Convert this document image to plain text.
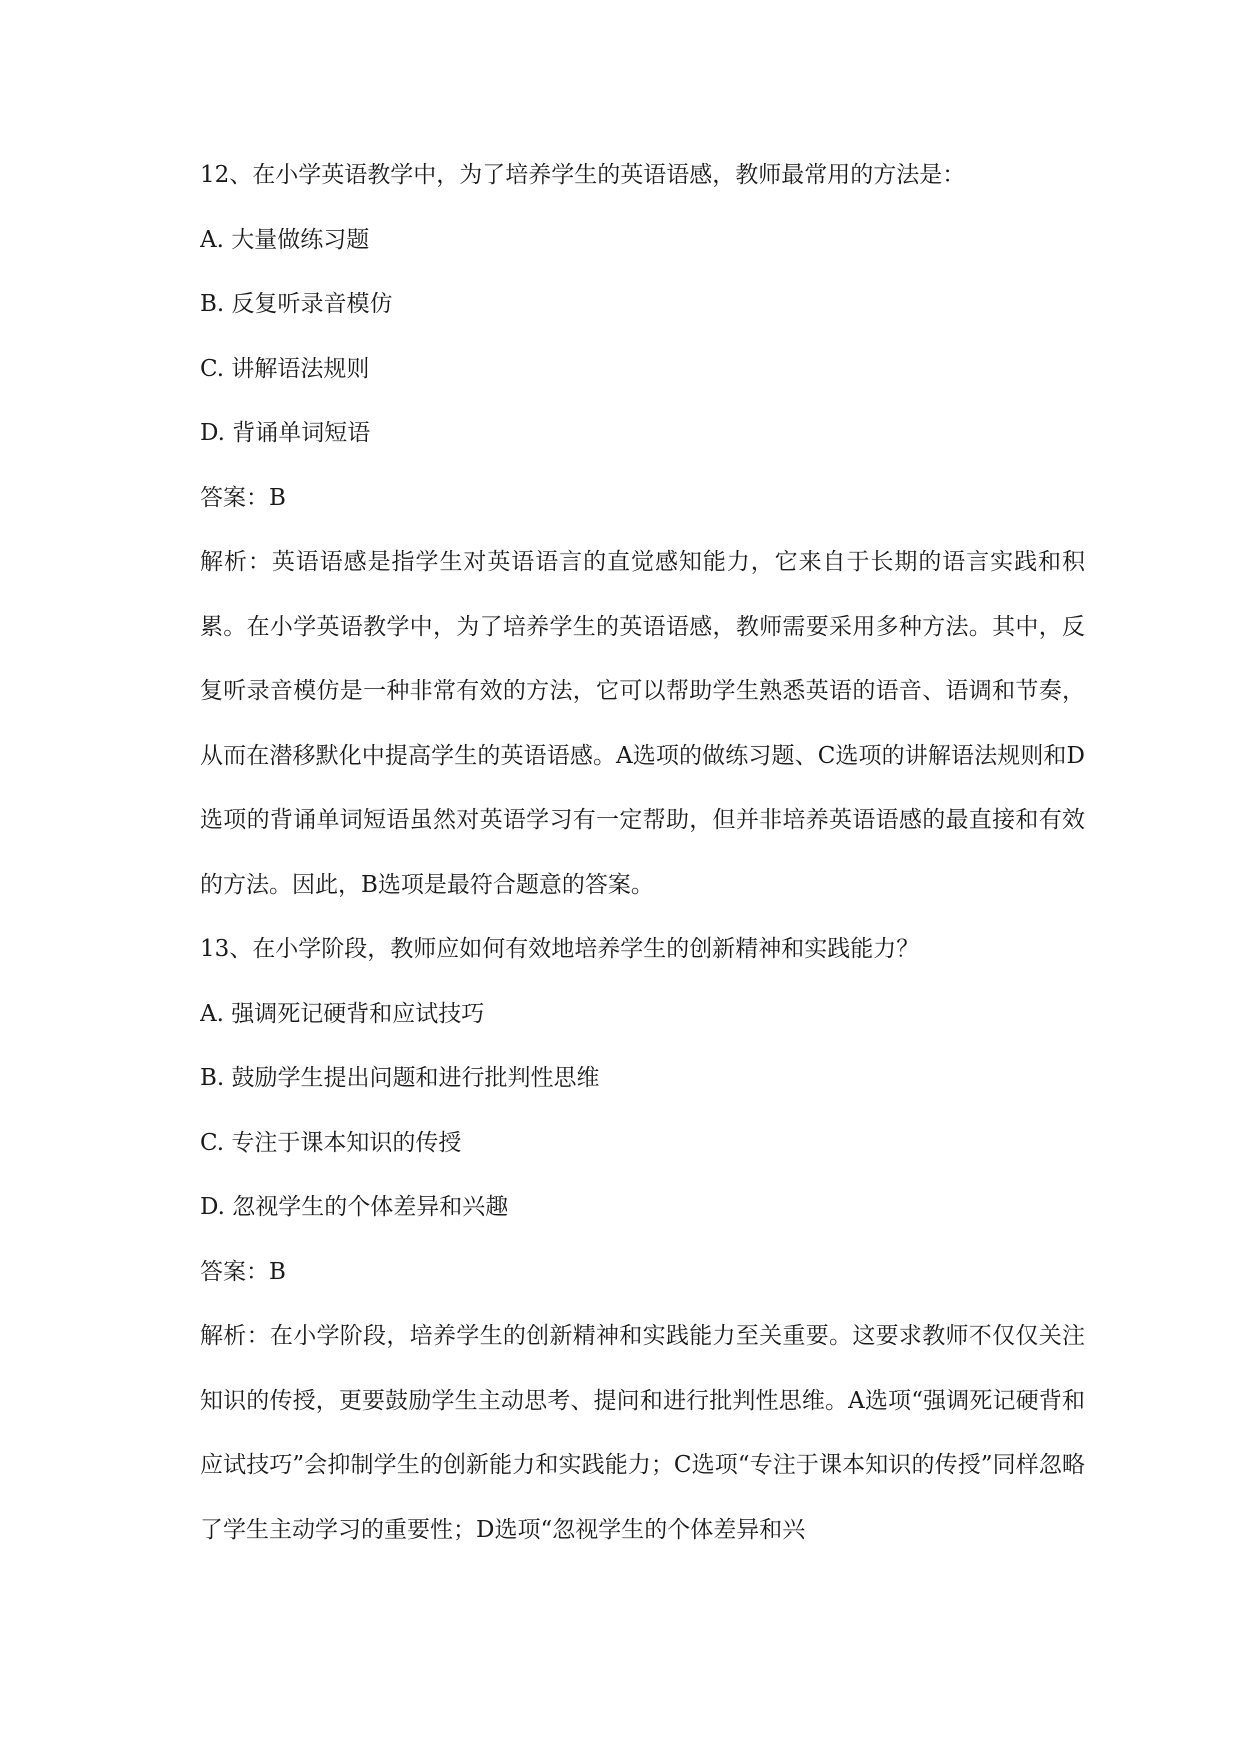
12、在小学英语教学中，为了培养学生的英语语感，教师最常用的方法是：
A. 大量做练习题
B. 反复听录音模仿
C. 讲解语法规则
D. 背诵单词短语
答案：B

解析：英语语感是指学生对英语语言的直觉感知能力，它来自于长期的语言实践和积累。在小学英语教学中，为了培养学生的英语语感，教师需要采用多种方法。其中，反复听录音模仿是一种非常有效的方法，它可以帮助学生熟悉英语的语音、语调和节奏，从而在潜移默化中提高学生的英语语感。A选项的做练习题、C选项的讲解语法规则和D选项的背诵单词短语虽然对英语学习有一定帮助，但并非培养英语语感的最直接和有效的方法。因此，B选项是最符合题意的答案。

13、在小学阶段，教师应如何有效地培养学生的创新精神和实践能力？
A. 强调死记硬背和应试技巧
B. 鼓励学生提出问题和进行批判性思维
C. 专注于课本知识的传授
D. 忽视学生的个体差异和兴趣
答案：B

解析：在小学阶段，培养学生的创新精神和实践能力至关重要。这要求教师不仅仅关注知识的传授，更要鼓励学生主动思考、提问和进行批判性思维。A选项“强调死记硬背和应试技巧”会抑制学生的创新能力和实践能力；C选项“专注于课本知识的传授”同样忽略了学生主动学习的重要性；D选项“忽视学生的个体差异和兴
